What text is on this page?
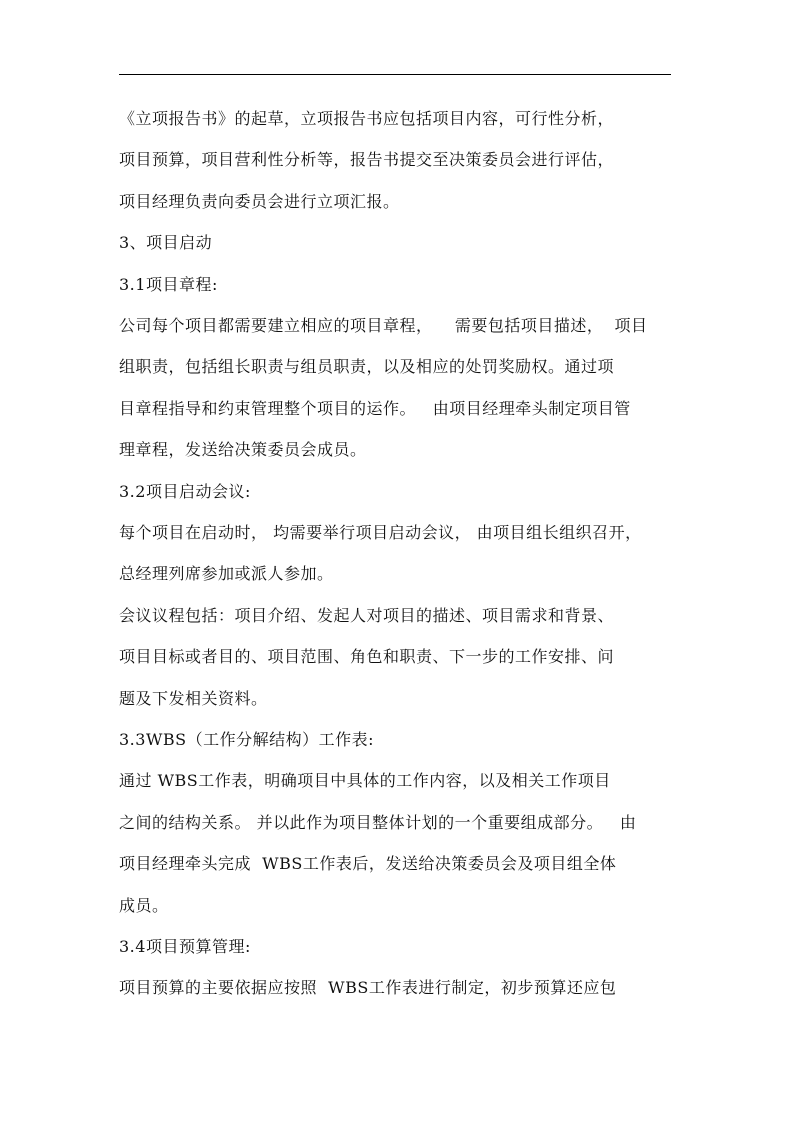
《立项报告书》的起草，立项报告书应包括项目内容，可行性分析，

项目预算，项目营利性分析等，报告书提交至决策委员会进行评估，

项目经理负责向委员会进行立项汇报。

3、项目启动

3.1项目章程:

公司每个项目都需要建立相应的项目章程，    需要包括项目描述，  项目

组职责，包括组长职责与组员职责，以及相应的处罚奖励权。通过项

目章程指导和约束管理整个项目的运作。   由项目经理牵头制定项目管

理章程，发送给决策委员会成员。

3.2项目启动会议:

每个项目在启动时， 均需要举行项目启动会议， 由项目组长组织召开，

总经理列席参加或派人参加。

会议议程包括：项目介绍、发起人对项目的描述、项目需求和背景、

项目目标或者目的、项目范围、角色和职责、下一步的工作安排、问

题及下发相关资料。

3.3WBS（工作分解结构）工作表:

通过 WBS工作表，明确项目中具体的工作内容，以及相关工作项目

之间的结构关系。 并以此作为项目整体计划的一个重要组成部分。   由

项目经理牵头完成  WBS工作表后，发送给决策委员会及项目组全体

成员。

3.4项目预算管理:

项目预算的主要依据应按照  WBS工作表进行制定，初步预算还应包
